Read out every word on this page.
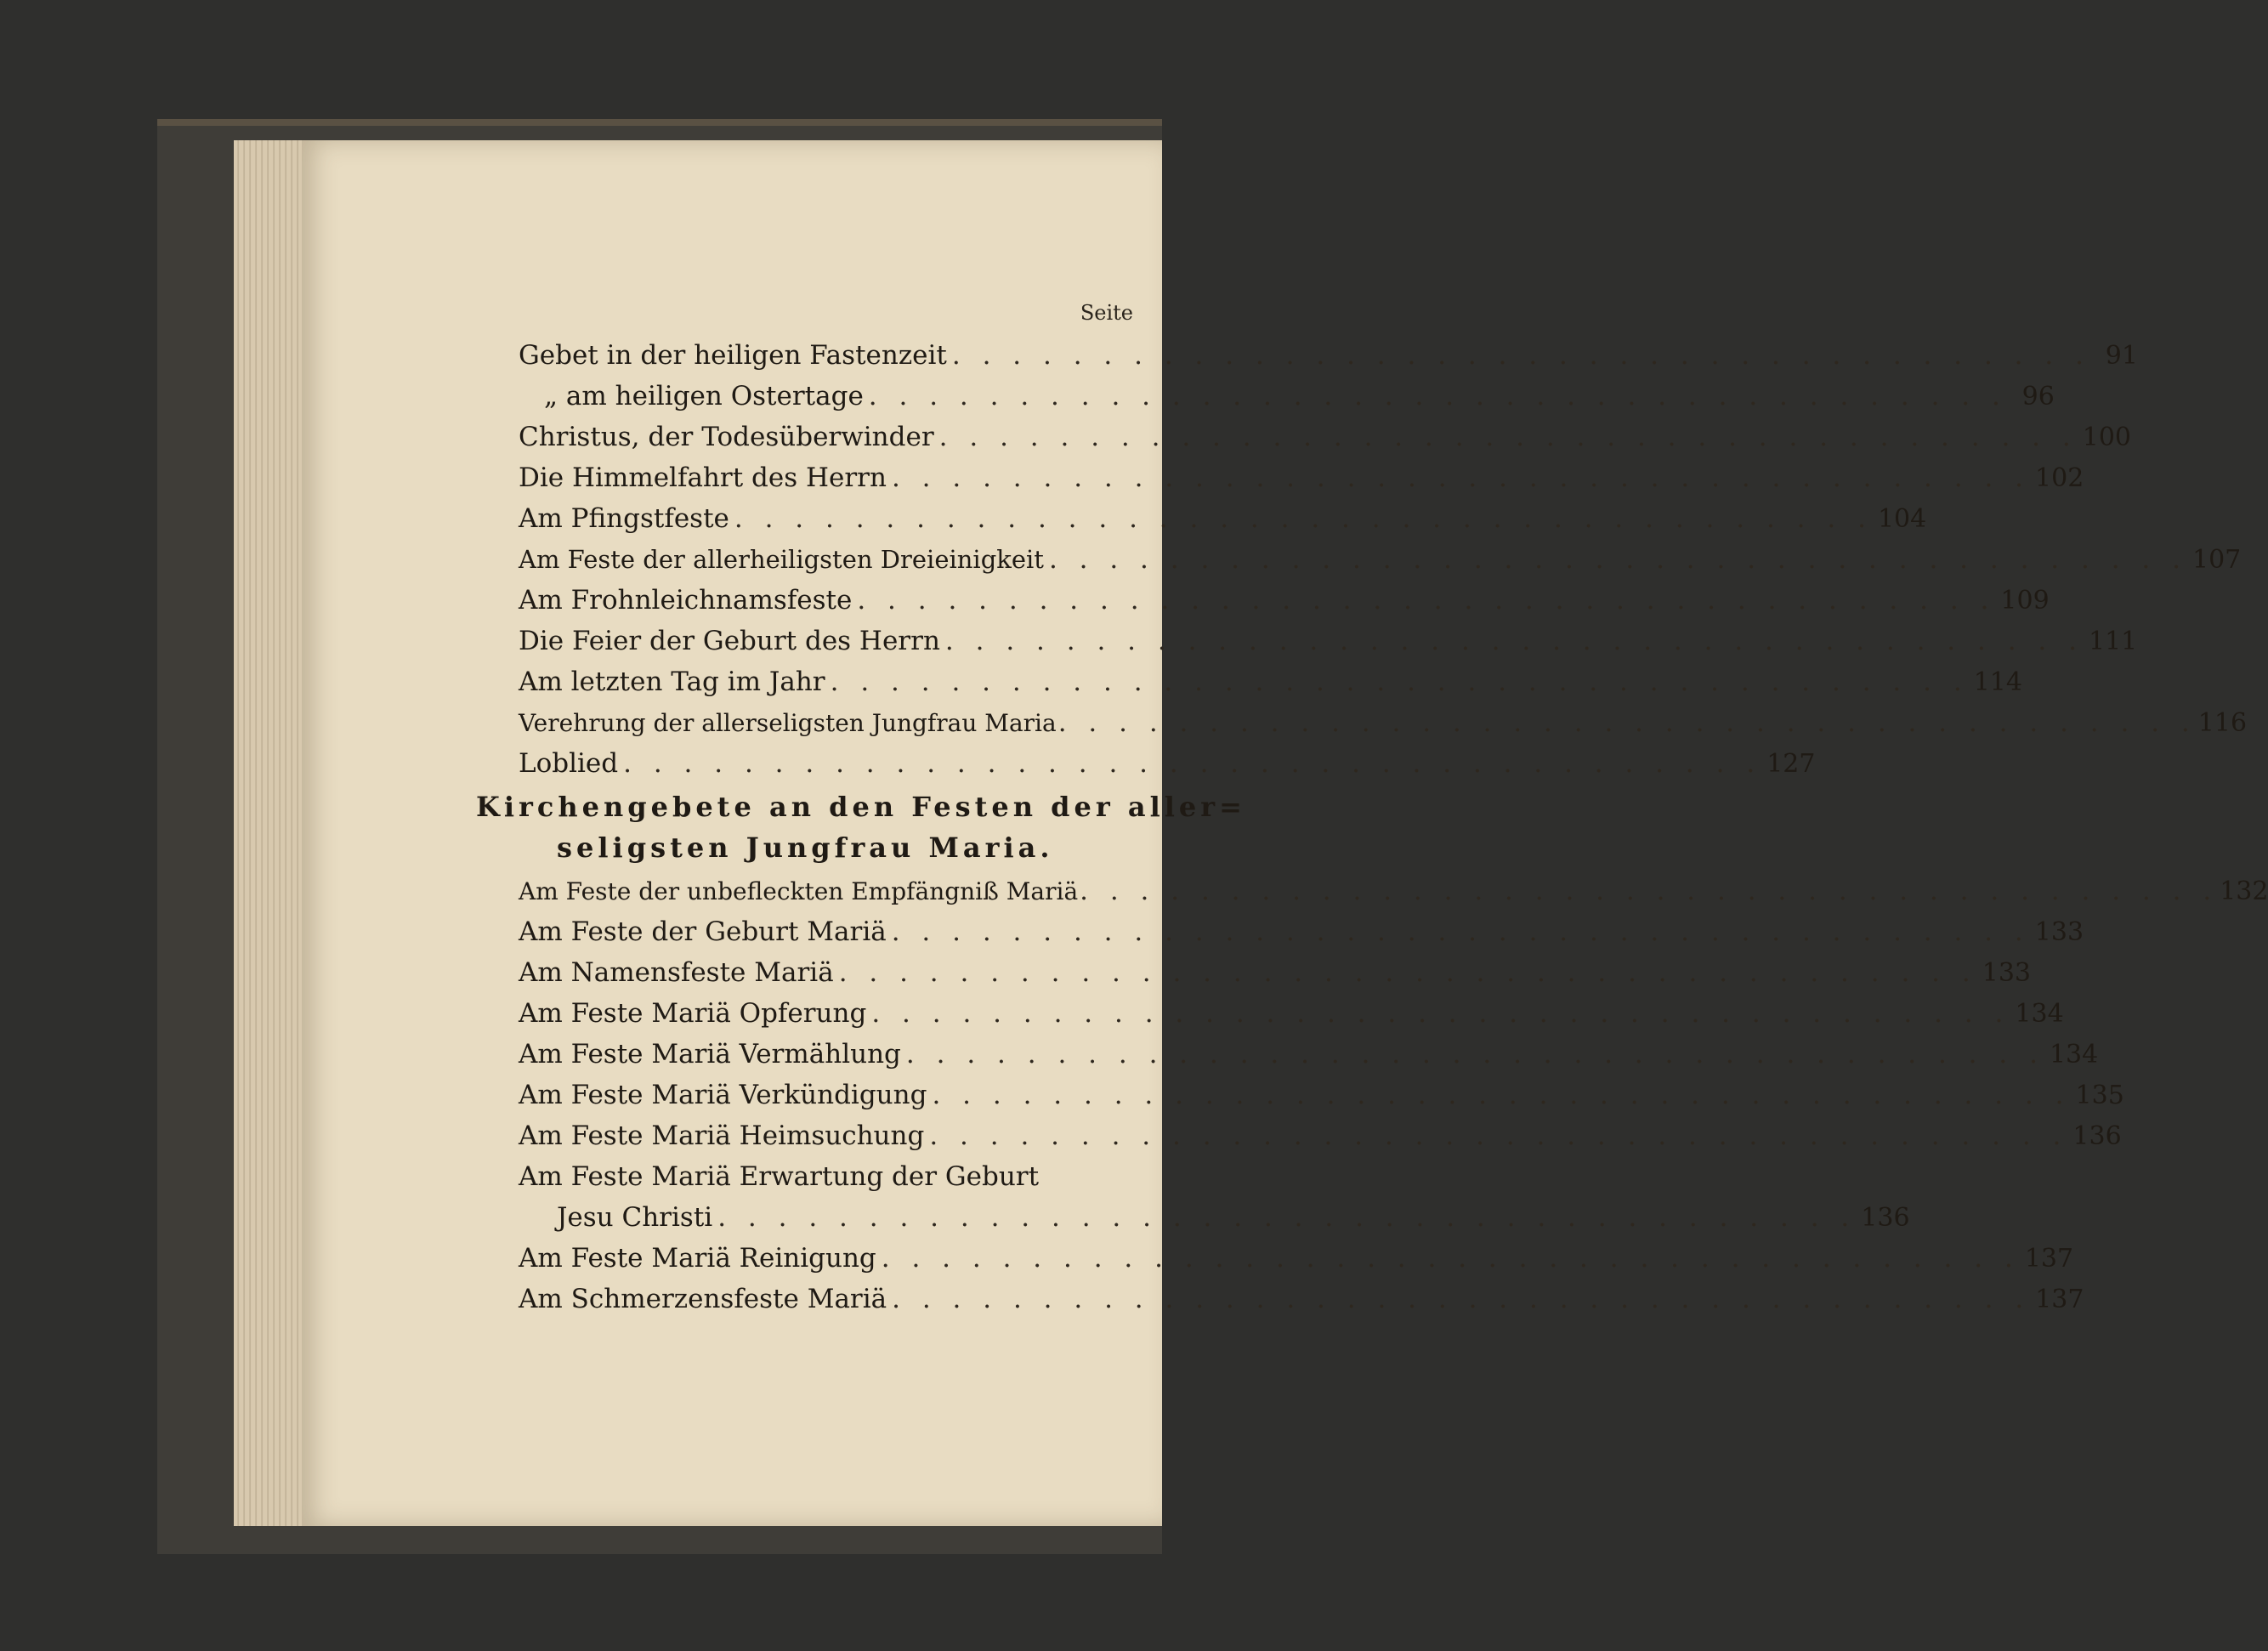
Seite
Gebet in der heiligen Fastenzeit . . .	91
„ am heiligen Ostertage . . .	96
Christus, der Todesüberwinder . . .	100
Die Himmelfahrt des Herrn . . .	102
Am Pfingstfeste . . .	104
Am Feste der allerheiligsten Dreieinigkeit . . .	107
Am Frohnleichnamsfeste . . .	109
Die Feier der Geburt des Herrn . . .	111
Am letzten Tag im Jahr . . .	114
Verehrung der allerseligsten Jungfrau Maria . . .	116
Loblied . . .	127
Kirchengebete an den Festen der aller=
seligsten Jungfrau Maria.
Am Feste der unbefleckten Empfängniß Mariä . . .	132
Am Feste der Geburt Mariä . . .	133
Am Namensfeste Mariä . . .	133
Am Feste Mariä Opferung . . .	134
Am Feste Mariä Vermählung . . .	134
Am Feste Mariä Verkündigung . . .	135
Am Feste Mariä Heimsuchung . . .	136
Am Feste Mariä Erwartung der Geburt
Jesu Christi . . .	136
Am Feste Mariä Reinigung . . .	137
Am Schmerzensfeste Mariä . . .	137
